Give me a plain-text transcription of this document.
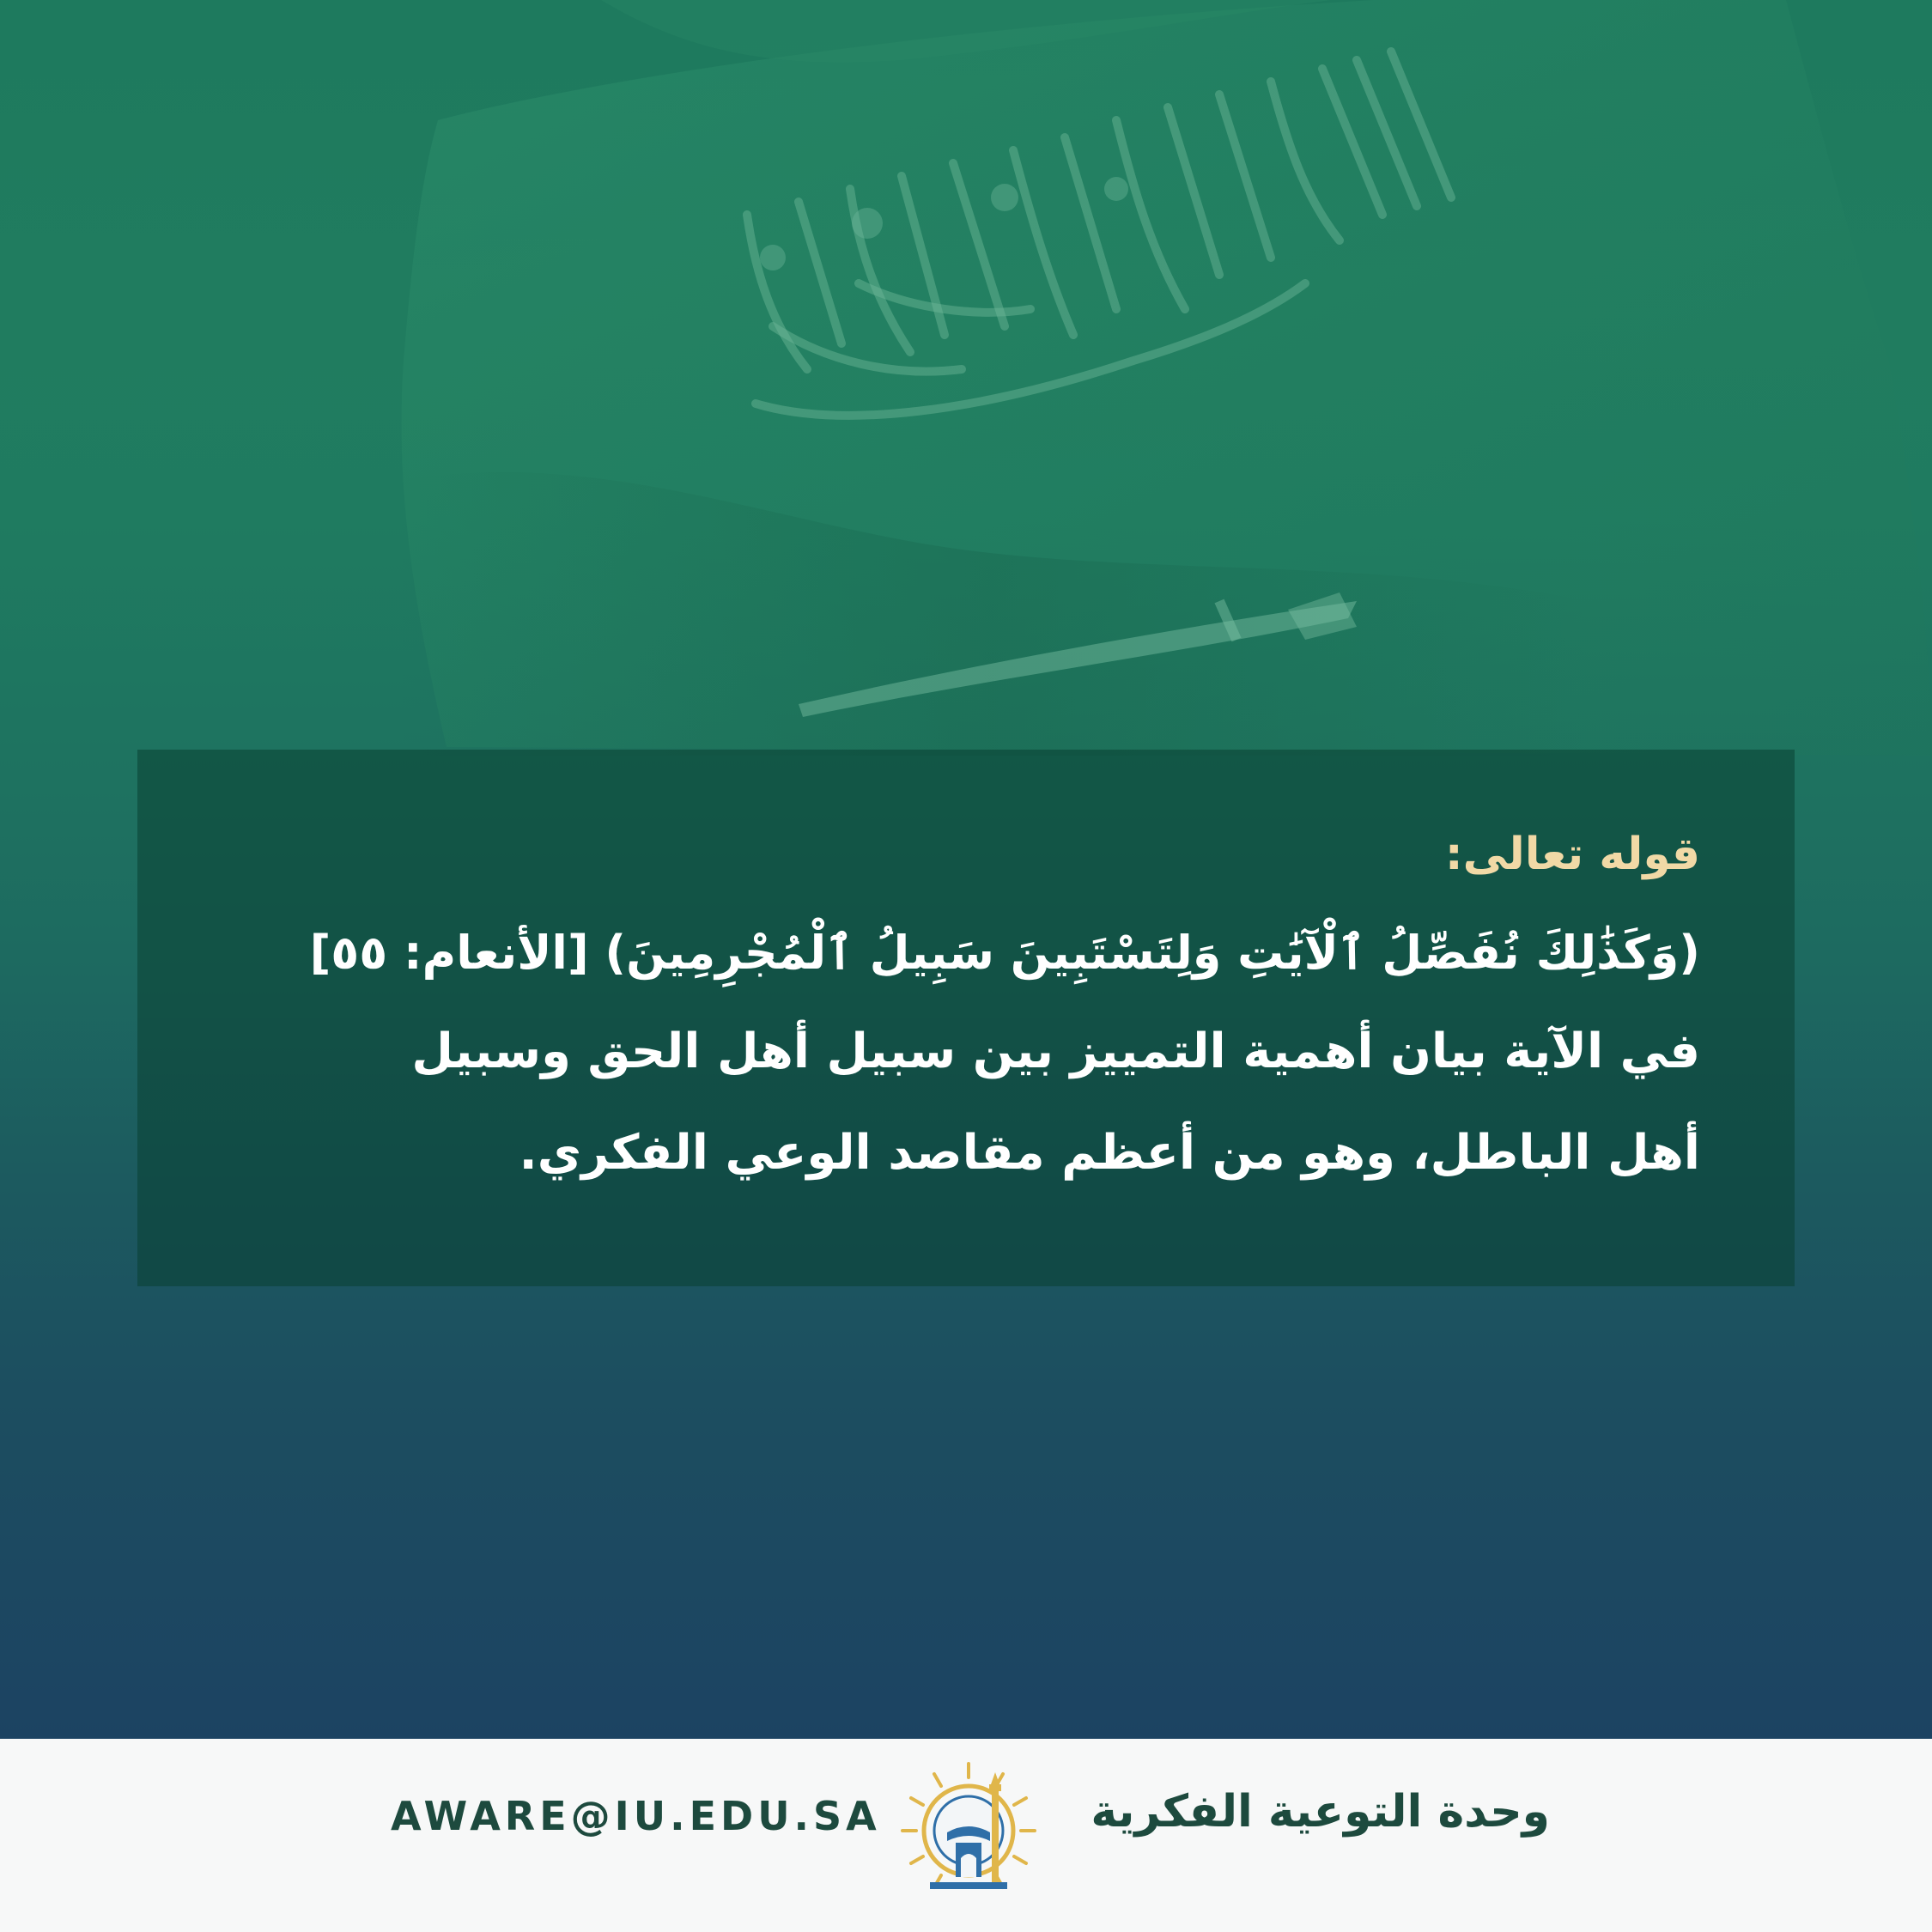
قوله تعالى:

(وَكَذَٰلِكَ نُفَصِّلُ ٱلْآيَٰتِ وَلِتَسْتَبِينَ سَبِيلُ ٱلْمُجْرِمِينَ) [الأنعام: ٥٥]

في الآية بيان أهمية التمييز بين سبيل أهل الحق وسبيل

أهل الباطل، وهو من أعظم مقاصد الوعي الفكري.

AWARE@IU.EDU.SA	وحدة التوعية الفكرية
